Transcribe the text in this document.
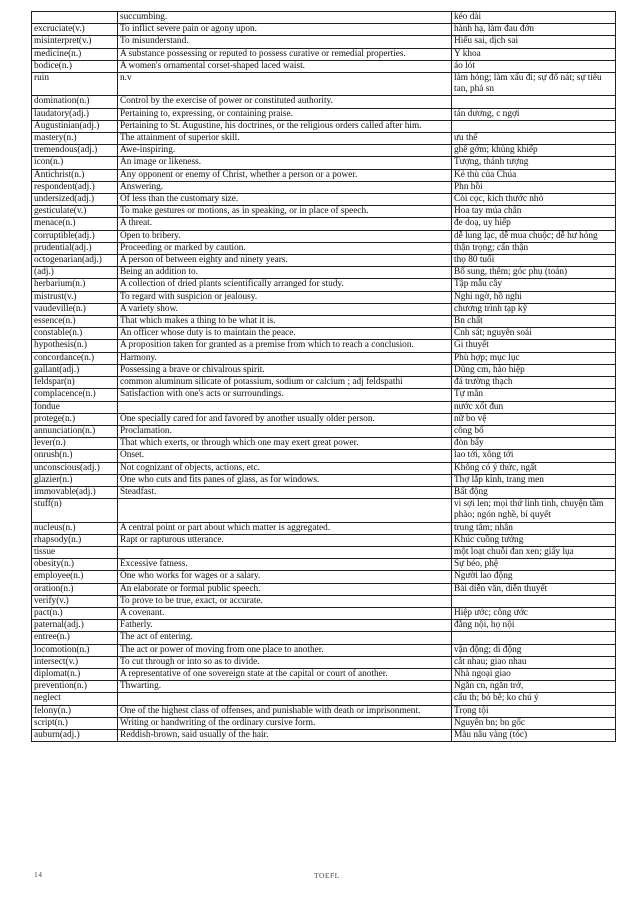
	succumbing.	kéo dài
excruciate(v.)	To inflict severe pain or agony upon.	hành hạ, làm đau đớn
misinterpret(v.)	To misunderstand.	Hiểu sai, dịch sai
medicine(n.)	A substance possessing or reputed to possess curative or remedial properties.	Y khoa
bodice(n.)	A women's ornamental corset-shaped laced waist.	áo lót
ruin	n.v	làm hỏng; làm xấu đi; sự đổ nát; sự tiêu tan, phá sn
domination(n.)	Control by the exercise of power or constituted authority.	
laudatory(adj.)	Pertaining to, expressing, or containing praise.	tán dương, c ngợi
Augustinian(adj.)	Pertaining to St. Augustine, his doctrines, or the religious orders called after him.	
mastery(n.)	The attainment of superior skill.	ưu thế
tremendous(adj.)	Awe-inspiring.	ghê gớm; khủng khiếp
icon(n.)	An image or likeness.	Tượng, thánh tượng
Antichrist(n.)	Any opponent or enemy of Christ, whether a person or a power.	Kẻ thù của Chúa
respondent(adj.)	Answering.	Phn hồi
undersized(adj.)	Of less than the customary size.	Còi cọc, kích thước nhỏ
gesticulate(v.)	To make gestures or motions, as in speaking, or in place of speech.	Hoa tay múa chân
menace(n.)	A threat.	đe doạ, uy hiếp
corruptible(adj.)	Open to bribery.	dễ lung lạc, dễ mua chuộc; dễ hư hỏng
prudential(adj.)	Proceeding or marked by caution.	thận trọng; cẩn thận
octogenarian(adj.)	A person of between eighty and ninety years.	thọ 80 tuổi
(adj.)	Being an addition to.	Bổ sung, thêm; góc phụ (toán)
herbarium(n.)	A collection of dried plants scientifically arranged for study.	Tập mẫu cây
mistrust(v.)	To regard with suspicion or jealousy.	Nghi ngờ, hồ nghi
vaudeville(n.)	A variety show.	chương trình tạp kỹ
essence(n.)	That which makes a thing to be what it is.	Bn chất
constable(n.)	An officer whose duty is to maintain the peace.	Cnh sát; nguyên soái
hypothesis(n.)	A proposition taken for granted as a premise from which to reach a conclusion.	Gi thuyết
concordance(n.)	Harmony.	Phù hợp; mục lục
gallant(adj.)	Possessing a brave or chivalrous spirit.	Dũng cm, hào hiệp
feldspar(n)	common aluminum silicate of potassium, sodium or calcium ; adj feldspathi	đá trường thạch
complacence(n.)	Satisfaction with one's acts or surroundings.	Tự mãn
fondue		nước xốt đun
protege(n.)	One specially cared for and favored by another usually older person.	nữ bo vệ
annunciation(n.)	Proclamation.	công bố
lever(n.)	That which exerts, or through which one may exert great power.	đòn bẩy
onrush(n.)	Onset.	lao tới, xông tới
unconscious(adj.)	Not cognizant of objects, actions, etc.	Không có ý thức, ngất
glazier(n.)	One who cuts and fits panes of glass, as for windows.	Thợ lắp kính, trang men
immovable(adj.)	Steadfast.	Bất động
stuff(n)		vi sợi len; mọi thứ linh tinh, chuyện tầm phào; ngón nghề, bí quyết
nucleus(n.)	A central point or part about which matter is aggregated.	trung tâm; nhân
rhapsody(n.)	Rapt or rapturous utterance.	Khúc cuồng tưởng
tissue		một loạt chuỗi đan xen; giấy lụa
obesity(n.)	Excessive fatness.	Sự béo, phệ
employee(n.)	One who works for wages or a salary.	Người lao động
oration(n.)	An elaborate or formal public speech.	Bài diễn văn, diễn thuyết
verify(v.)	To prove to be true, exact, or accurate.	
pact(n.)	A covenant.	Hiệp ước; công ước
paternal(adj.)	Fatherly.	đằng nội, họ nội
entree(n.)	The act of entering.	
locomotion(n.)	The act or power of moving from one place to another.	vận động; di động
intersect(v.)	To cut through or into so as to divide.	cắt nhau; giao nhau
diplomat(n.)	A representative of one sovereign state at the capital or court of another.	Nhà ngoại giao
prevention(n.)	Thwarting.	Ngăn cn, ngăn trở,
neglect		cẩu th; bỏ bê; ko chú ý
felony(n.)	One of the highest class of offenses, and punishable with death or imprisonment.	Trọng tội
script(n.)	Writing or handwriting of the ordinary cursive form.	Nguyên bn; bn gốc
auburn(adj.)	Reddish-brown, said usually of the hair.	Màu nâu vàng (tóc)
14	TOEFL
